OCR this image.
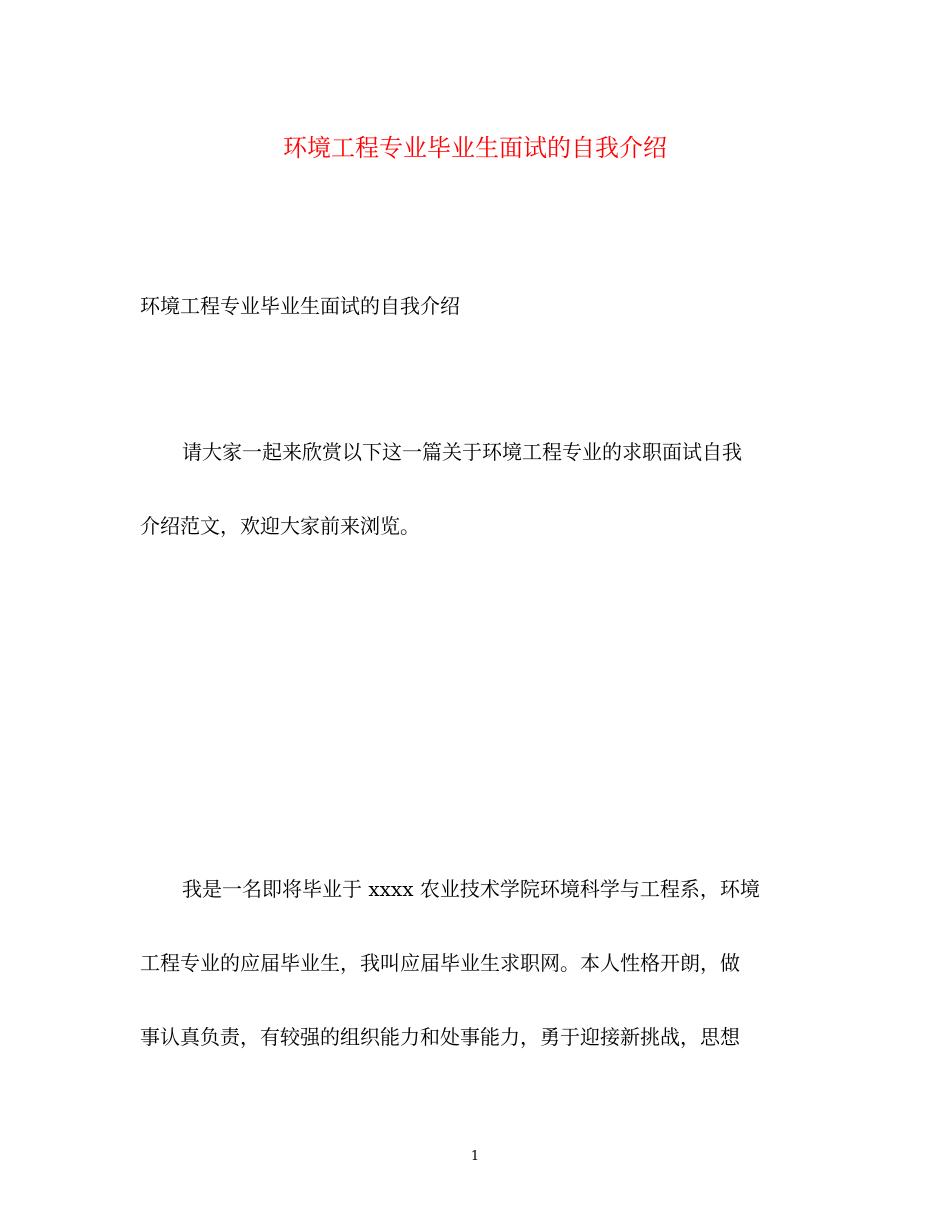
环境工程专业毕业生面试的自我介绍

环境工程专业毕业生面试的自我介绍

请大家一起来欣赏以下这一篇关于环境工程专业的求职面试自我
介绍范文，欢迎大家前来浏览。
我是一名即将毕业于 xxxx 农业技术学院环境科学与工程系，环境
工程专业的应届毕业生，我叫应届毕业生求职网。本人性格开朗，做
事认真负责，有较强的组织能力和处事能力，勇于迎接新挑战，思想
1
